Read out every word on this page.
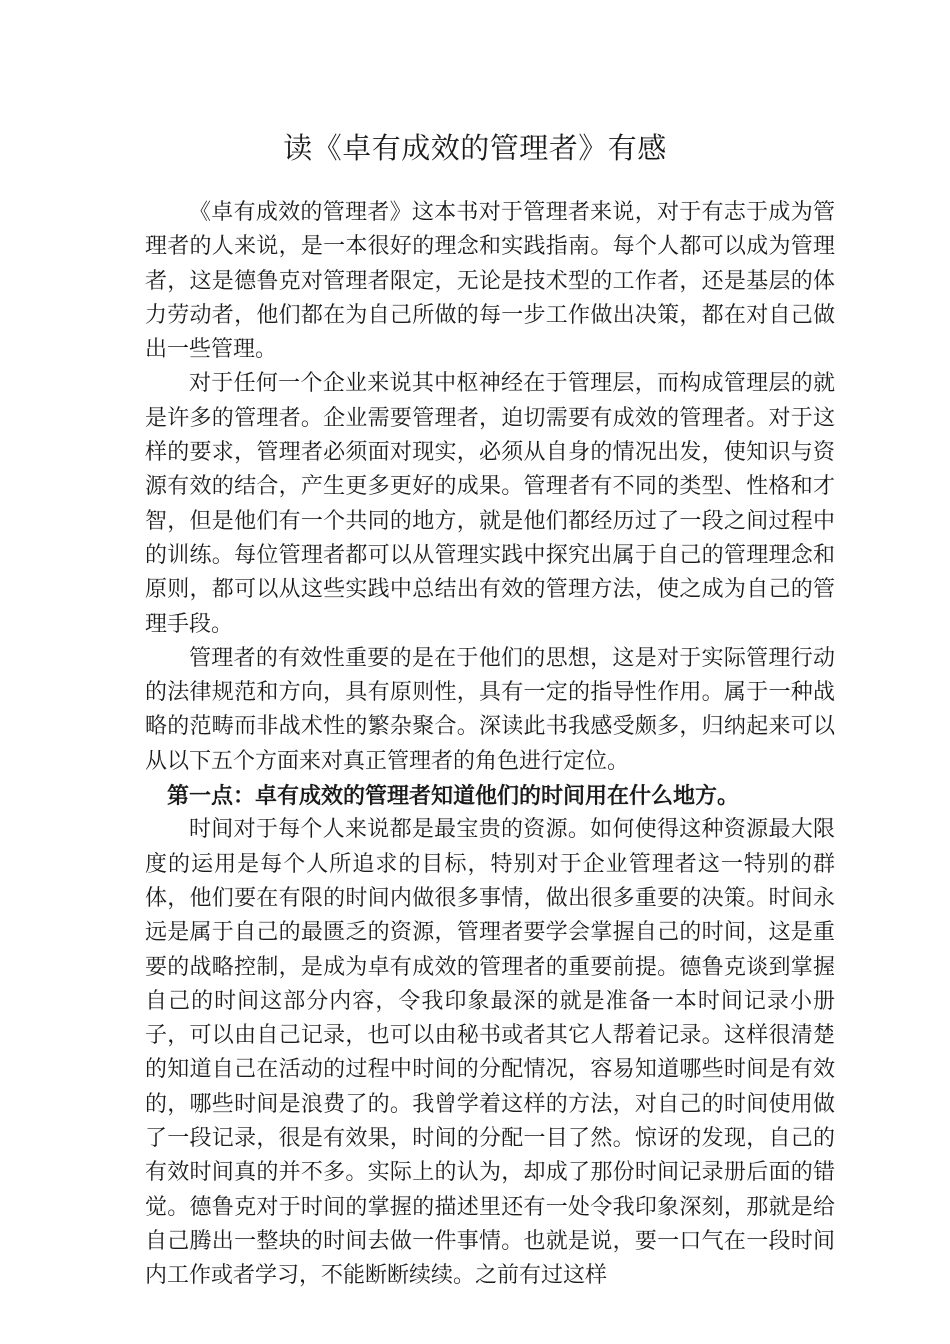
读《卓有成效的管理者》有感

《卓有成效的管理者》这本书对于管理者来说，对于有志于成为管理者的人来说，是一本很好的理念和实践指南。每个人都可以成为管理者，这是德鲁克对管理者限定，无论是技术型的工作者，还是基层的体力劳动者，他们都在为自己所做的每一步工作做出决策，都在对自己做出一些管理。

对于任何一个企业来说其中枢神经在于管理层，而构成管理层的就是许多的管理者。企业需要管理者，迫切需要有成效的管理者。对于这样的要求，管理者必须面对现实，必须从自身的情况出发，使知识与资源有效的结合，产生更多更好的成果。管理者有不同的类型、性格和才智，但是他们有一个共同的地方，就是他们都经历过了一段之间过程中的训练。每位管理者都可以从管理实践中探究出属于自己的管理理念和原则，都可以从这些实践中总结出有效的管理方法，使之成为自己的管理手段。

管理者的有效性重要的是在于他们的思想，这是对于实际管理行动的法律规范和方向，具有原则性，具有一定的指导性作用。属于一种战略的范畴而非战术性的繁杂聚合。深读此书我感受颇多，归纳起来可以从以下五个方面来对真正管理者的角色进行定位。

第一点：卓有成效的管理者知道他们的时间用在什么地方。

时间对于每个人来说都是最宝贵的资源。如何使得这种资源最大限度的运用是每个人所追求的目标，特别对于企业管理者这一特别的群体，他们要在有限的时间内做很多事情，做出很多重要的决策。时间永远是属于自己的最匮乏的资源，管理者要学会掌握自己的时间，这是重要的战略控制，是成为卓有成效的管理者的重要前提。德鲁克谈到掌握自己的时间这部分内容，令我印象最深的就是准备一本时间记录小册子，可以由自己记录，也可以由秘书或者其它人帮着记录。这样很清楚的知道自己在活动的过程中时间的分配情况，容易知道哪些时间是有效的，哪些时间是浪费了的。我曾学着这样的方法，对自己的时间使用做了一段记录，很是有效果，时间的分配一目了然。惊讶的发现，自己的有效时间真的并不多。实际上的认为，却成了那份时间记录册后面的错觉。德鲁克对于时间的掌握的描述里还有一处令我印象深刻，那就是给自己腾出一整块的时间去做一件事情。也就是说，要一口气在一段时间内工作或者学习，不能断断续续。之前有过这样
